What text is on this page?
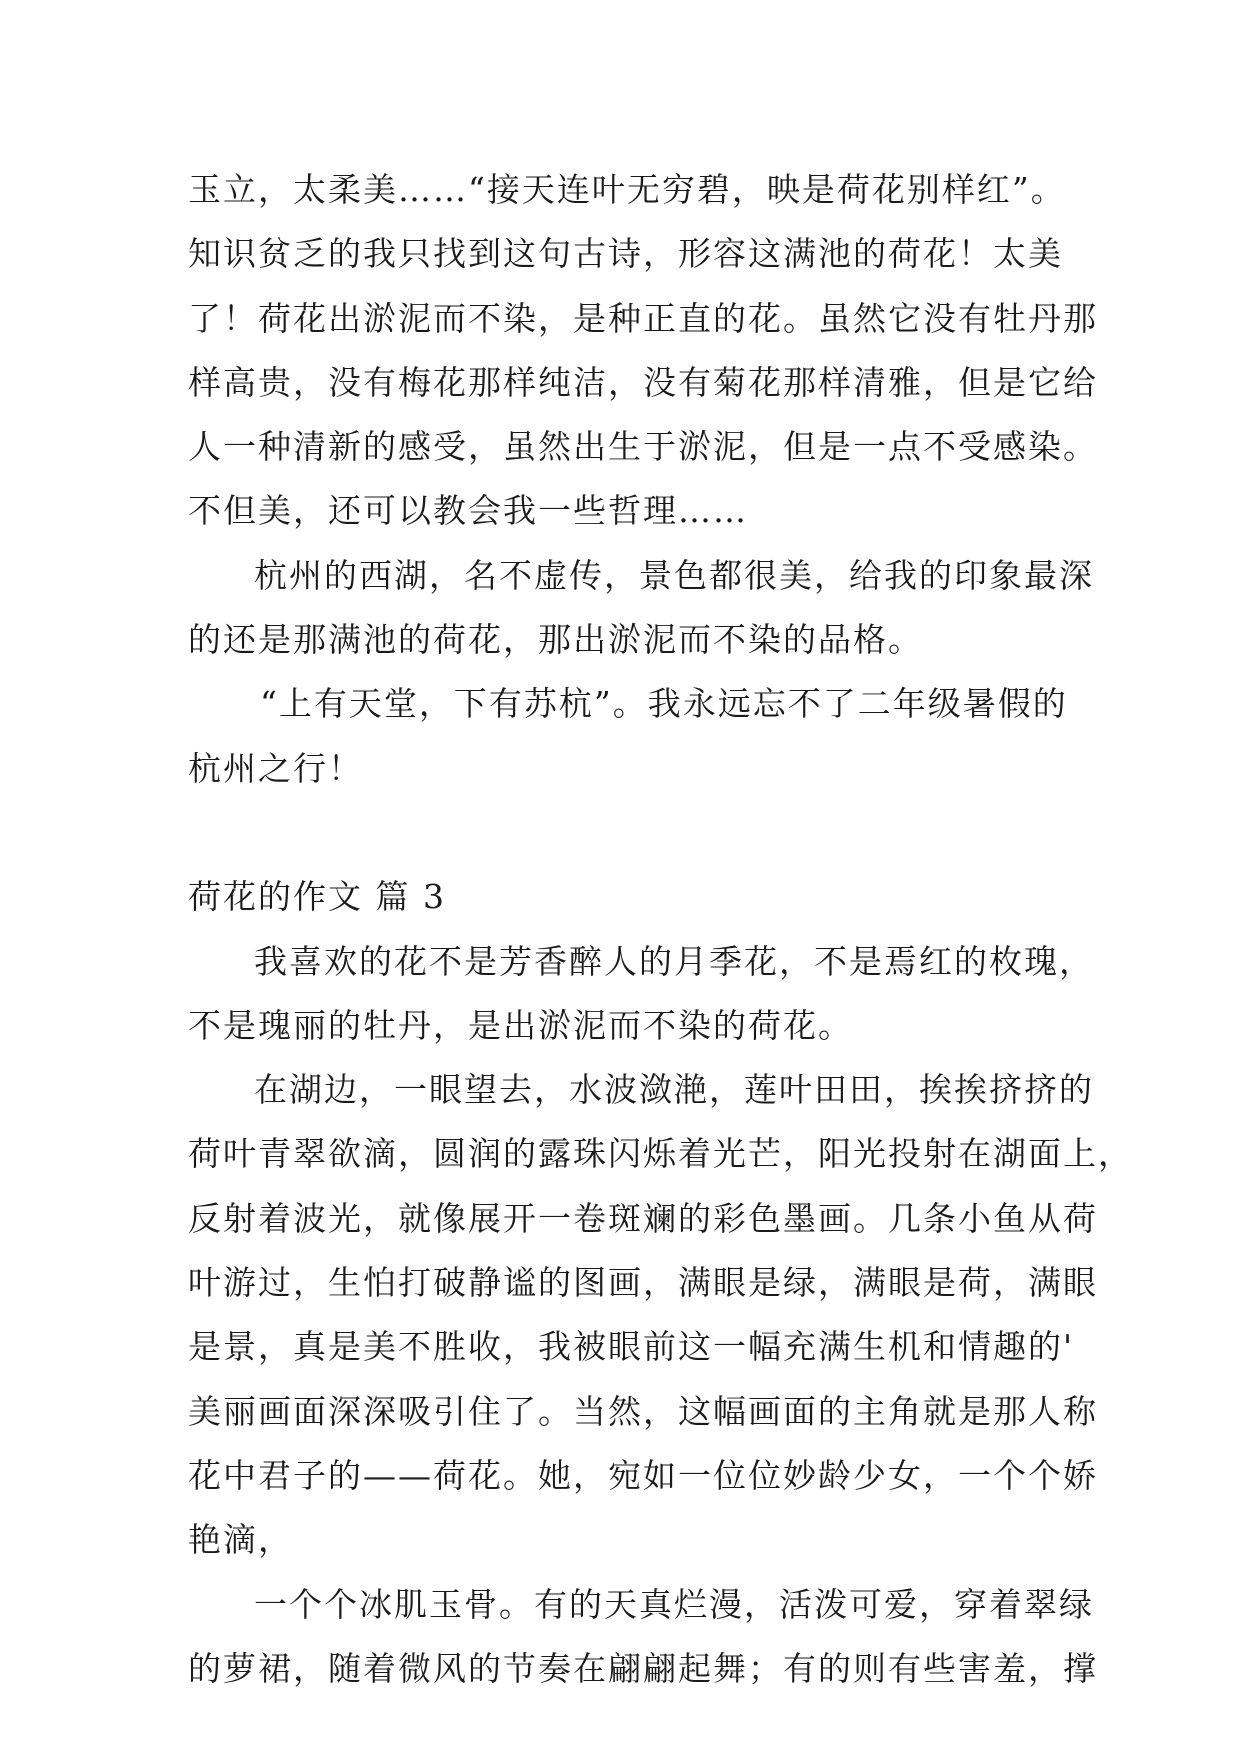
玉立，太柔美……“接天连叶无穷碧，映是荷花别样红”。
知识贫乏的我只找到这句古诗，形容这满池的荷花！太美
了！荷花出淤泥而不染，是种正直的花。虽然它没有牡丹那
样高贵，没有梅花那样纯洁，没有菊花那样清雅，但是它给
人一种清新的感受，虽然出生于淤泥，但是一点不受感染。
不但美，还可以教会我一些哲理……
杭州的西湖，名不虚传，景色都很美，给我的印象最深
的还是那满池的荷花，那出淤泥而不染的品格。
“上有天堂，下有苏杭”。我永远忘不了二年级暑假的
杭州之行！
荷花的作文 篇 3
我喜欢的花不是芳香醉人的月季花，不是焉红的枚瑰，
不是瑰丽的牡丹，是出淤泥而不染的荷花。
在湖边，一眼望去，水波潋滟，莲叶田田，挨挨挤挤的
荷叶青翠欲滴，圆润的露珠闪烁着光芒，阳光投射在湖面上，
反射着波光，就像展开一卷斑斓的彩色墨画。几条小鱼从荷
叶游过，生怕打破静谧的图画，满眼是绿，满眼是荷，满眼
是景，真是美不胜收，我被眼前这一幅充满生机和情趣的'
美丽画面深深吸引住了。当然，这幅画面的主角就是那人称
花中君子的——荷花。她，宛如一位位妙龄少女，一个个娇
艳滴，
一个个冰肌玉骨。有的天真烂漫，活泼可爱，穿着翠绿
的萝裙，随着微风的节奏在翩翩起舞；有的则有些害羞，撑
